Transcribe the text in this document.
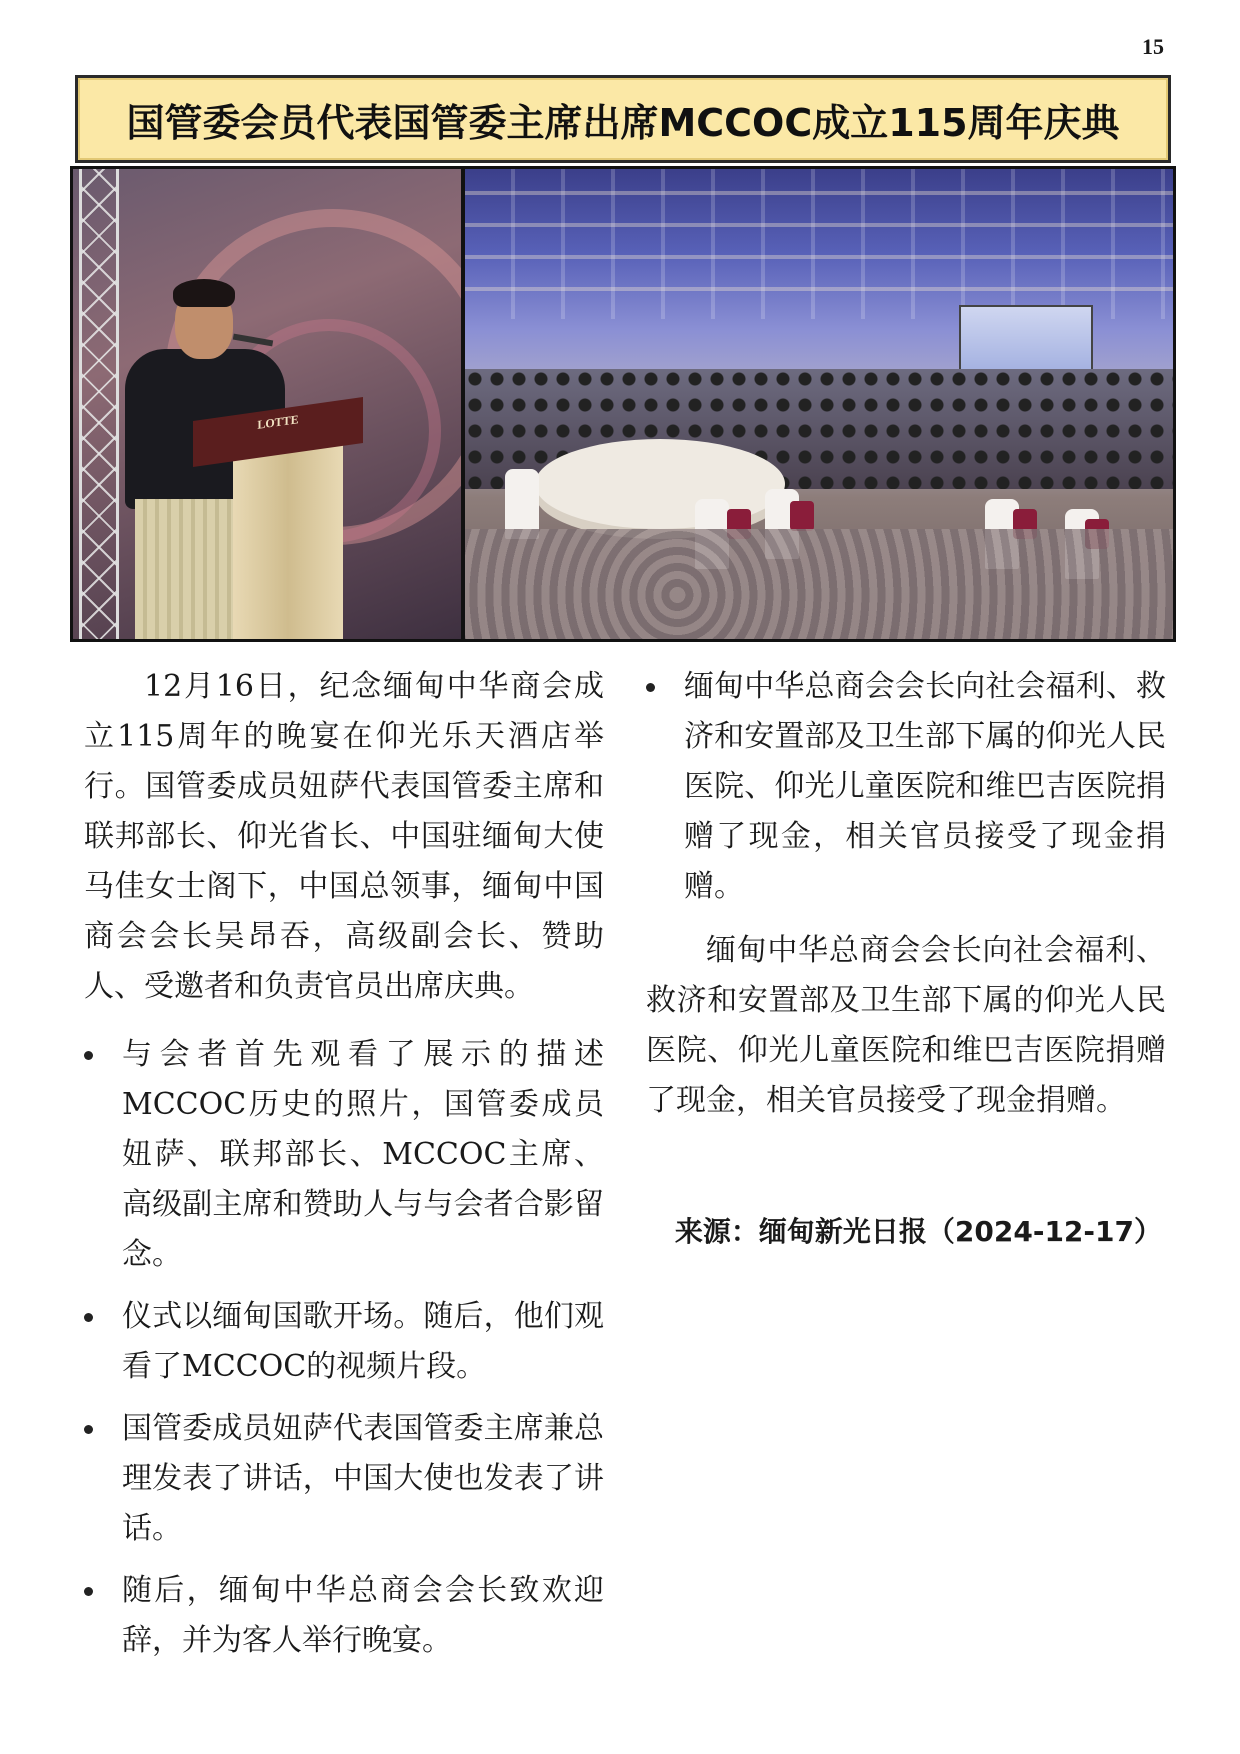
15
国管委会员代表国管委主席出席MCCOC成立115周年庆典
LOTTE

12月16日，纪念缅甸中华商会成立115周年的晚宴在仰光乐天酒店举行。国管委成员妞萨代表国管委主席和联邦部长、仰光省长、中国驻缅甸大使马佳女士阁下，中国总领事，缅甸中国商会会长吴昂吞，高级副会长、赞助人、受邀者和负责官员出席庆典。

与会者首先观看了展示的描述MCCOC历史的照片，国管委成员妞萨、联邦部长、MCCOC主席、高级副主席和赞助人与与会者合影留念。
仪式以缅甸国歌开场。随后，他们观看了MCCOC的视频片段。
国管委成员妞萨代表国管委主席兼总理发表了讲话，中国大使也发表了讲话。
随后，缅甸中华总商会会长致欢迎辞，并为客人举行晚宴。
缅甸中华总商会会长向社会福利、救济和安置部及卫生部下属的仰光人民医院、仰光儿童医院和维巴吉医院捐赠了现金，相关官员接受了现金捐赠。

缅甸中华总商会会长向社会福利、救济和安置部及卫生部下属的仰光人民医院、仰光儿童医院和维巴吉医院捐赠了现金，相关官员接受了现金捐赠。

来源：缅甸新光日报（2024-12-17）
